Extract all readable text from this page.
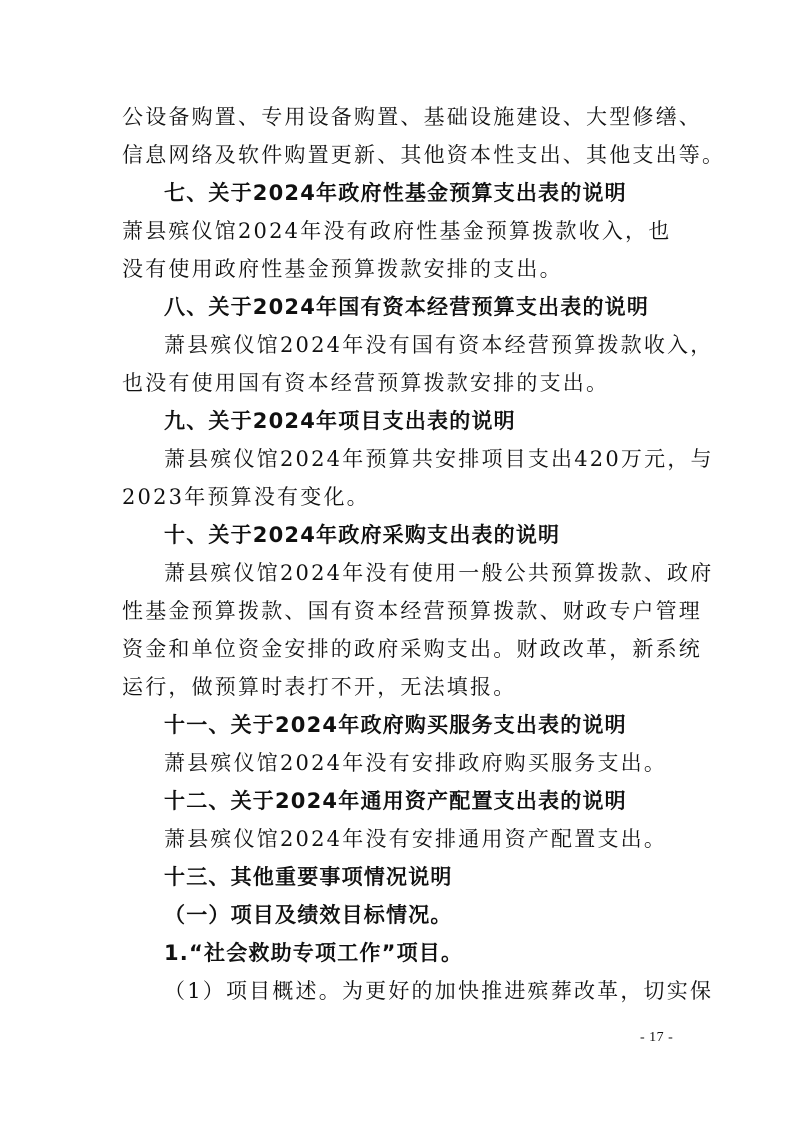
公设备购置、专用设备购置、基础设施建设、大型修缮、
信息网络及软件购置更新、其他资本性支出、其他支出等。
七、关于2024年政府性基金预算支出表的说明
萧县殡仪馆2024年没有政府性基金预算拨款收入，也
没有使用政府性基金预算拨款安排的支出。
八、关于2024年国有资本经营预算支出表的说明
萧县殡仪馆2024年没有国有资本经营预算拨款收入，
也没有使用国有资本经营预算拨款安排的支出。
九、关于2024年项目支出表的说明
萧县殡仪馆2024年预算共安排项目支出420万元，与
2023年预算没有变化。
十、关于2024年政府采购支出表的说明
萧县殡仪馆2024年没有使用一般公共预算拨款、政府
性基金预算拨款、国有资本经营预算拨款、财政专户管理
资金和单位资金安排的政府采购支出。财政改革，新系统
运行，做预算时表打不开，无法填报。
十一、关于2024年政府购买服务支出表的说明
萧县殡仪馆2024年没有安排政府购买服务支出。
十二、关于2024年通用资产配置支出表的说明
萧县殡仪馆2024年没有安排通用资产配置支出。
十三、其他重要事项情况说明
（一）项目及绩效目标情况。
1.“社会救助专项工作”项目。
（1）项目概述。为更好的加快推进殡葬改革，切实保
- 17 -
